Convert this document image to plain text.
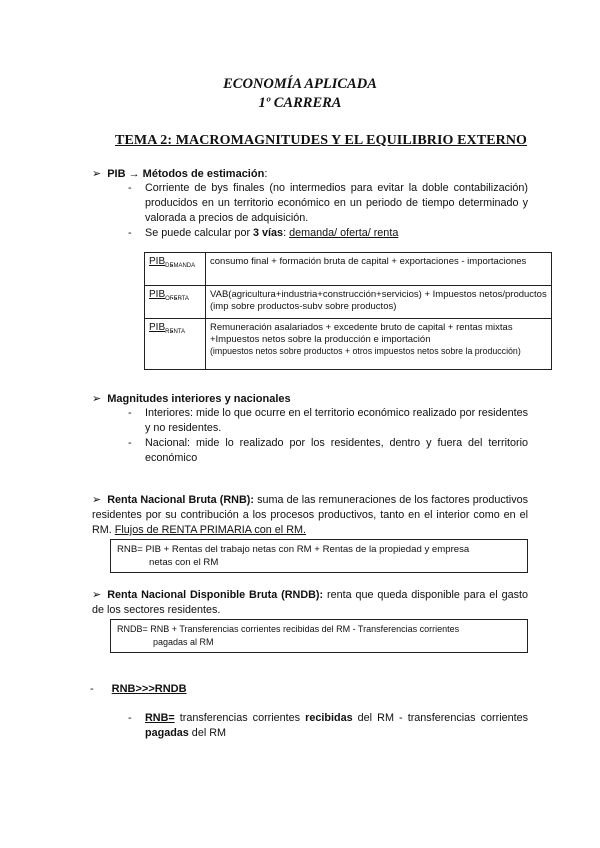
ECONOMÍA APLICADA
1º CARRERA
TEMA 2: MACROMAGNITUDES Y EL EQUILIBRIO EXTERNO
➢ PIB → Métodos de estimación:
- Corriente de bys finales (no intermedios para evitar la doble contabilización) producidos en un territorio económico en un periodo de tiempo determinado y valorada a precios de adquisición.
- Se puede calcular por 3 vías: demanda/ oferta/ renta
$PIB_{DEMANDA}$	consumo final + formación bruta de capital + exportaciones - importaciones
$PIB_{OFERTA}$	VAB(agricultura+industria+construcción+servicios) + Impuestos netos/productos (imp sobre productos-subv sobre productos)
$PIB_{RENTA}$	Remuneración asalariados + excedente bruto de capital + rentas mixtas +Impuestos netos sobre la producción e importación
(impuestos netos sobre productos + otros impuestos netos sobre la producción)
➢ Magnitudes interiores y nacionales
- Interiores: mide lo que ocurre en el territorio económico realizado por residentes y no residentes.
- Nacional: mide lo realizado por los residentes, dentro y fuera del territorio económico
➢ Renta Nacional Bruta (RNB): suma de las remuneraciones de los factores productivos residentes por su contribución a los procesos productivos, tanto en el interior como en el RM. Flujos de RENTA PRIMARIA con el RM.
RNB= PIB + Rentas del trabajo netas con RM + Rentas de la propiedad y empresa
netas con el RM
➢ Renta Nacional Disponible Bruta (RNDB): renta que queda disponible para el gasto de los sectores residentes.
RNDB= RNB + Transferencias corrientes recibidas del RM - Transferencias corrientes
pagadas al RM
- RNB>>>RNDB
- RNB= transferencias corrientes recibidas del RM - transferencias corrientes pagadas del RM
